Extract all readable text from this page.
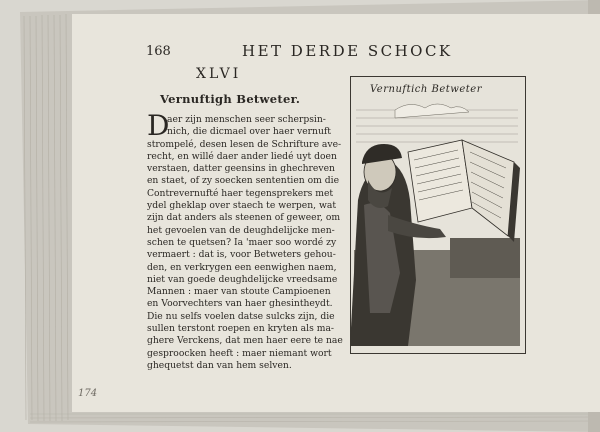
168	HET DERDE SCHOCK
XLVI
Vernuftigh Betweter.
D
aer zijn menschen seer scherpsin-
nich, die dicmael over haer vernuft
strompelé, desen lesen de Schrifture ave-
recht, en willé daer ander liedé uyt doen
verstaen, datter geensins in ghechreven
en staet, of zy soecken sententien om die
Contrevernufté haer tegensprekers met
ydel gheklap over staech te werpen, wat
zijn dat anders als steenen of geweer, om
het gevoelen van de deughdelijcke men-
schen te quetsen? Ia 'maer soo wordé zy
vermaert : dat is, voor Betweters gehou-
den, en verkrygen een eenwighen naem,
niet van goede deughdelijcke vreedsame
Mannen : maer van stoute Campioenen
en Voorvechters van haer ghesintheydt.
Die nu selfs voelen datse sulcks zijn, die
sullen terstont roepen en kryten als ma-
ghere Verckens, dat men haer eere te nae
gesproocken heeft : maer niemant wort
ghequetst dan van hem selven.
Vernuftich Betweter
174
